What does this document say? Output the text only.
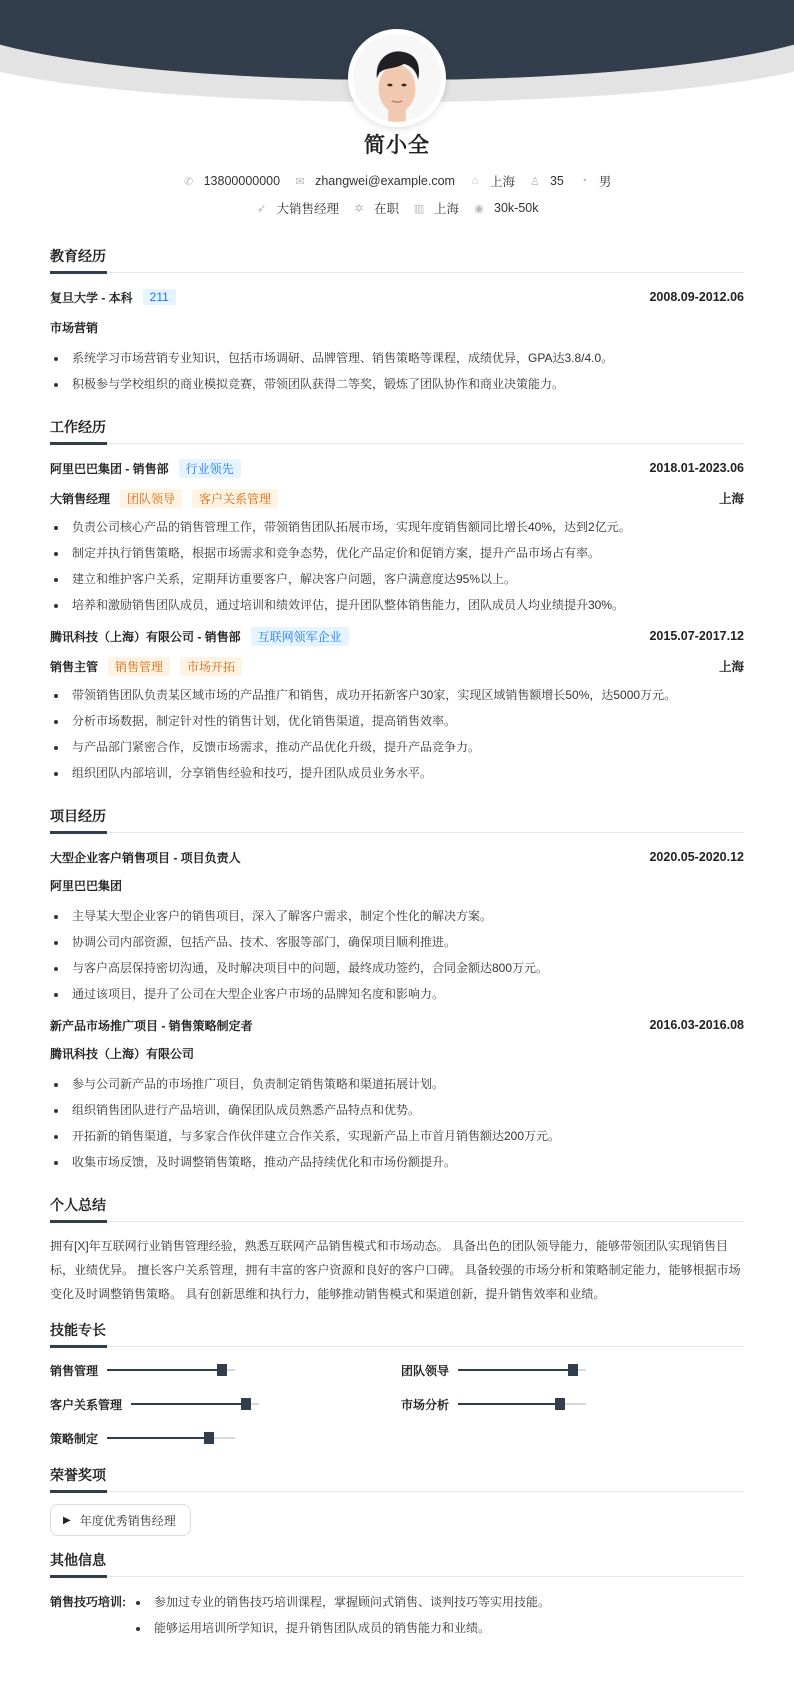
简小全
✆ 13800000000 ✉ zhangwei@example.com ⌂ 上海 ♙ 35 ◔ 男
➶ 大销售经理 ✲ 在职 ▥ 上海 ◉ 30k-50k
教育经历
复旦大学 - 本科	211	2008.09-2012.06
市场营销
系统学习市场营销专业知识，包括市场调研、品牌管理、销售策略等课程，成绩优异，GPA达3.8/4.0。
积极参与学校组织的商业模拟竞赛，带领团队获得二等奖，锻炼了团队协作和商业决策能力。
工作经历
阿里巴巴集团 - 销售部	行业领先	2018.01-2023.06
大销售经理	团队领导	客户关系管理	上海
负责公司核心产品的销售管理工作，带领销售团队拓展市场，实现年度销售额同比增长40%，达到2亿元。
制定并执行销售策略，根据市场需求和竞争态势，优化产品定价和促销方案，提升产品市场占有率。
建立和维护客户关系，定期拜访重要客户，解决客户问题，客户满意度达95%以上。
培养和激励销售团队成员，通过培训和绩效评估，提升团队整体销售能力，团队成员人均业绩提升30%。
腾讯科技（上海）有限公司 - 销售部	互联网领军企业	2015.07-2017.12
销售主管	销售管理	市场开拓	上海
带领销售团队负责某区域市场的产品推广和销售，成功开拓新客户30家，实现区域销售额增长50%，达5000万元。
分析市场数据，制定针对性的销售计划，优化销售渠道，提高销售效率。
与产品部门紧密合作，反馈市场需求，推动产品优化升级，提升产品竞争力。
组织团队内部培训，分享销售经验和技巧，提升团队成员业务水平。
项目经历
大型企业客户销售项目 - 项目负责人	2020.05-2020.12
阿里巴巴集团
主导某大型企业客户的销售项目，深入了解客户需求，制定个性化的解决方案。
协调公司内部资源，包括产品、技术、客服等部门，确保项目顺利推进。
与客户高层保持密切沟通，及时解决项目中的问题，最终成功签约，合同金额达800万元。
通过该项目，提升了公司在大型企业客户市场的品牌知名度和影响力。
新产品市场推广项目 - 销售策略制定者	2016.03-2016.08
腾讯科技（上海）有限公司
参与公司新产品的市场推广项目，负责制定销售策略和渠道拓展计划。
组织销售团队进行产品培训，确保团队成员熟悉产品特点和优势。
开拓新的销售渠道，与多家合作伙伴建立合作关系，实现新产品上市首月销售额达200万元。
收集市场反馈，及时调整销售策略，推动产品持续优化和市场份额提升。
个人总结
拥有[X]年互联网行业销售管理经验，熟悉互联网产品销售模式和市场动态。 具备出色的团队领导能力，能够带领团队实现销售目标，业绩优异。 擅长客户关系管理，拥有丰富的客户资源和良好的客户口碑。 具备较强的市场分析和策略制定能力，能够根据市场变化及时调整销售策略。 具有创新思维和执行力，能够推动销售模式和渠道创新，提升销售效率和业绩。
技能专长
销售管理	团队领导
客户关系管理	市场分析
策略制定
荣誉奖项
▶ 年度优秀销售经理
其他信息
销售技巧培训:	参加过专业的销售技巧培训课程，掌握顾问式销售、谈判技巧等实用技能。
能够运用培训所学知识，提升销售团队成员的销售能力和业绩。
